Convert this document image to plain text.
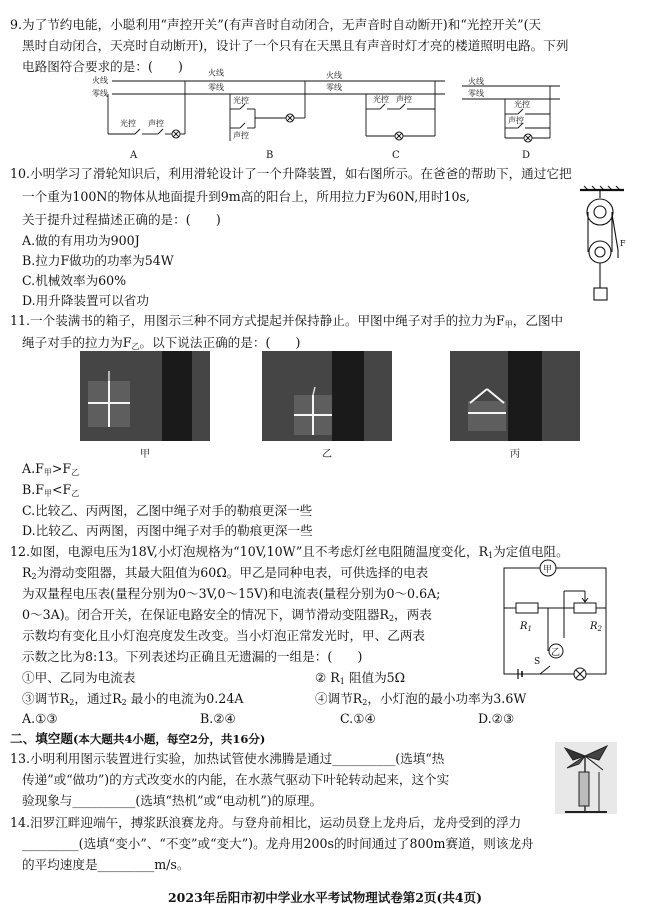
9.为了节约电能，小聪利用“声控开关”(有声音时自动闭合，无声音时自动断开)和“光控开关”(天
黑时自动闭合，天亮时自动断开)，设计了一个只有在天黑且有声音时灯才亮的楼道照明电路。下列
电路图符合要求的是：(　　)
火线
零线
光控 声控
A
火线
零线
光控
声控
B
火线
零线
光控 声控
C
火线
零线
光控
声控
D
10.小明学习了滑轮知识后，利用滑轮设计了一个升降装置，如右图所示。在爸爸的帮助下，通过它把
一个重为100N的物体从地面提升到9m高的阳台上，所用拉力F为60N,用时10s,
关于提升过程描述正确的是：(　　)
A.做的有用功为900J
B.拉力F做功的功率为54W
C.机械效率为60%
D.用升降装置可以省功
F
11.一个装满书的箱子，用图示三种不同方式提起并保持静止。甲图中绳子对手的拉力为$F_甲$，乙图中
绳子对手的拉力为$F_乙$。以下说法正确的是：(　　)
甲	乙	丙
$A.F_甲>F_乙$
$B.F_甲<F_乙$
C.比较乙、丙两图，乙图中绳子对手的勒痕更深一些
D.比较乙、丙两图，丙图中绳子对手的勒痕更深一些
12.如图，电源电压为18V,小灯泡规格为“10V,10W”且不考虑灯丝电阻随温度变化，$R_1$为定值电阻。
$R_2$为滑动变阻器，其最大阻值为60Ω。甲乙是同种电表，可供选择的电表
为双量程电压表(量程分别为0～3V,0～15V)和电流表(量程分别为0～0.6A;
0～3A)。闭合开关，在保证电路安全的情况下，调节滑动变阻器$R_2$，两表
示数均有变化且小灯泡亮度发生改变。当小灯泡正常发光时，甲、乙两表
示数之比为8:13。下列表述均正确且无遗漏的一组是：(　　)
甲
乙
$R_1$	$R_2$
S
①甲、乙同为电流表	② $R_1$ 阻值为5Ω
③调节$R_2$，通过$R_2$ 最小的电流为0.24A	④调节$R_2$，小灯泡的最小功率为3.6W
A.①③	B.②④	C.①④	D.②③
二、填空题(本大题共4小题，每空2分，共16分)
13.小明利用图示装置进行实验，加热试管使水沸腾是通过__________(选填“热
传递”或“做功”)的方式改变水的内能，在水蒸气驱动下叶轮转动起来，这个实
验现象与__________(选填“热机”或“电动机”)的原理。
14.汨罗江畔迎端午，搏浆跃浪赛龙舟。与登舟前相比，运动员登上龙舟后，龙舟受到的浮力
_________(选填“变小”、“不变”或“变大”)。龙舟用200s的时间通过了800m赛道，则该龙舟
的平均速度是_________m/s。
2023年岳阳市初中学业水平考试物理试卷第2页(共4页)
